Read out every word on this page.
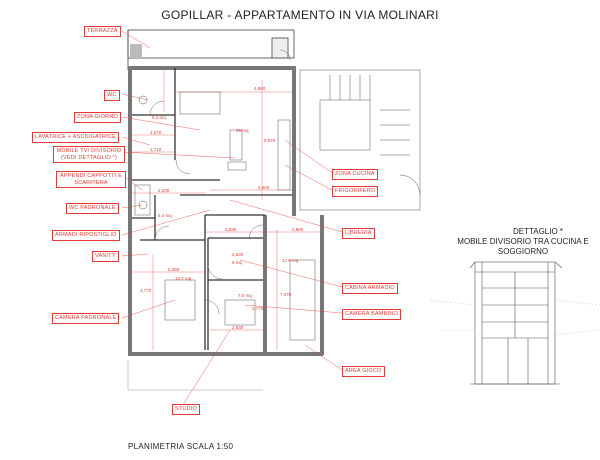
GOPILLAR - APPARTAMENTO IN VIA MOLINARI
TERRAZZA
WC
ZONA GIORNO
LAVATRICE + ASCIUGATRICE
MOBILE TV/ DIVISORIO (VEDI DETTAGLIO *)
APPENDI CAPPOTTI E SCARPIERA
WC PADRONALE
ARMADI RIPOSTIGLIO
VANITY
CAMERA PADRONALE
STUDIO
ZONA CUCINA
FRIGORIFERO
LIBRERIA
CABINA ARMADIO
CAMERA BAMBINO
AREA GIOCO
4,980
29 mq
6,2 mq
1,670
1,710
2,200
4,560
5,4 mq
3,530	2,960
2,630
5 mq
5,360
13,7 mq
17,6 mq
7,5 mq
4,770
2,630
6,570
7,470
2,770
DETTAGLIO *
MOBILE DIVISORIO TRA CUCINA E SOGGIORNO
PLANIMETRIA SCALA 1:50
